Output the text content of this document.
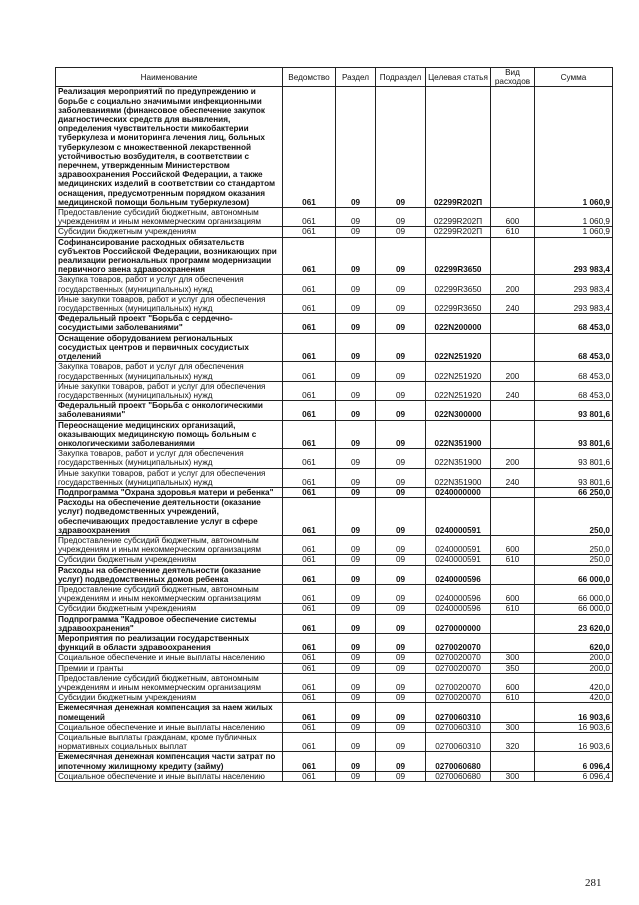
Наименование	Ведомство	Раздел	Подраздел	Целевая статья	Вид расходов	Сумма
Реализация мероприятий по предупреждению и борьбе с социально значимыми инфекционными заболеваниями (финансовое обеспечение закупок диагностических средств для выявления, определения чувствительности микобактерии туберкулеза и мониторинга лечения лиц, больных туберкулезом с множественной лекарственной устойчивостью возбудителя, в соответствии с перечнем, утвержденным Министерством здравоохранения Российской Федерации, а также медицинских изделий в соответствии со стандартом оснащения, предусмотренным порядком оказания медицинской помощи больным туберкулезом)	061	09	09	02299R202П		1 060,9
Предоставление субсидий бюджетным, автономным учреждениям и иным некоммерческим организациям	061	09	09	02299R202П	600	1 060,9
Субсидии бюджетным учреждениям	061	09	09	02299R202П	610	1 060,9
Софинансирование расходных обязательств субъектов Российской Федерации, возникающих при реализации региональных программ модернизации первичного звена здравоохранения	061	09	09	02299R3650		293 983,4
Закупка товаров, работ и услуг для обеспечения государственных (муниципальных) нужд	061	09	09	02299R3650	200	293 983,4
Иные закупки товаров, работ и услуг для обеспечения государственных (муниципальных) нужд	061	09	09	02299R3650	240	293 983,4
Федеральный проект "Борьба с сердечно-сосудистыми заболеваниями"	061	09	09	022N200000		68 453,0
Оснащение оборудованием региональных сосудистых центров и первичных сосудистых отделений	061	09	09	022N251920		68 453,0
Закупка товаров, работ и услуг для обеспечения государственных (муниципальных) нужд	061	09	09	022N251920	200	68 453,0
Иные закупки товаров, работ и услуг для обеспечения государственных (муниципальных) нужд	061	09	09	022N251920	240	68 453,0
Федеральный проект "Борьба с онкологическими заболеваниями"	061	09	09	022N300000		93 801,6
Переоснащение медицинских организаций, оказывающих медицинскую помощь больным с онкологическими заболеваниями	061	09	09	022N351900		93 801,6
Закупка товаров, работ и услуг для обеспечения государственных (муниципальных) нужд	061	09	09	022N351900	200	93 801,6
Иные закупки товаров, работ и услуг для обеспечения государственных (муниципальных) нужд	061	09	09	022N351900	240	93 801,6
Подпрограмма "Охрана здоровья матери и ребенка"	061	09	09	0240000000		66 250,0
Расходы на обеспечение деятельности (оказание услуг) подведомственных учреждений, обеспечивающих предоставление услуг в сфере здравоохранения	061	09	09	0240000591		250,0
Предоставление субсидий бюджетным, автономным учреждениям и иным некоммерческим организациям	061	09	09	0240000591	600	250,0
Субсидии бюджетным учреждениям	061	09	09	0240000591	610	250,0
Расходы на обеспечение деятельности (оказание услуг) подведомственных домов ребенка	061	09	09	0240000596		66 000,0
Предоставление субсидий бюджетным, автономным учреждениям и иным некоммерческим организациям	061	09	09	0240000596	600	66 000,0
Субсидии бюджетным учреждениям	061	09	09	0240000596	610	66 000,0
Подпрограмма "Кадровое обеспечение системы здравоохранения"	061	09	09	0270000000		23 620,0
Мероприятия по реализации государственных функций в области здравоохранения	061	09	09	0270020070		620,0
Социальное обеспечение и иные выплаты населению	061	09	09	0270020070	300	200,0
Премии и гранты	061	09	09	0270020070	350	200,0
Предоставление субсидий бюджетным, автономным учреждениям и иным некоммерческим организациям	061	09	09	0270020070	600	420,0
Субсидии бюджетным учреждениям	061	09	09	0270020070	610	420,0
Ежемесячная денежная компенсация за наем жилых помещений	061	09	09	0270060310		16 903,6
Социальное обеспечение и иные выплаты населению	061	09	09	0270060310	300	16 903,6
Социальные выплаты гражданам, кроме публичных нормативных социальных выплат	061	09	09	0270060310	320	16 903,6
Ежемесячная денежная компенсация части затрат по ипотечному жилищному кредиту (займу)	061	09	09	0270060680		6 096,4
Социальное обеспечение и иные выплаты населению	061	09	09	0270060680	300	6 096,4
281
